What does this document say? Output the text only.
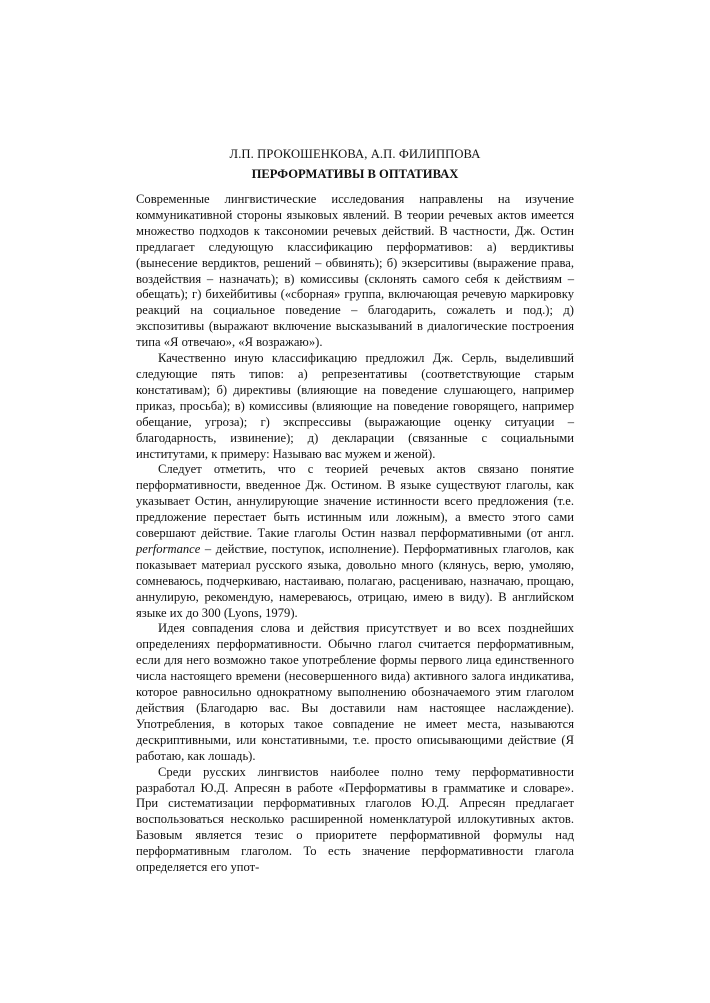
Л.П. ПРОКОШЕНКОВА, А.П. ФИЛИППОВА

ПЕРФОРМАТИВЫ В ОПТАТИВАХ

Современные лингвистические исследования направлены на изучение коммуникативной стороны языковых явлений. В теории речевых актов имеется множество подходов к таксономии речевых действий. В частности, Дж. Остин предлагает следующую классификацию перформативов: а) вердиктивы (вынесение вердиктов, решений – обвинять); б) экзерситивы (выражение права, воздействия – назначать); в) комиссивы (склонять самого себя к действиям – обещать); г) бихейбитивы («сборная» группа, включающая речевую маркировку реакций на социальное поведение – благодарить, сожалеть и под.); д) экспозитивы (выражают включение высказываний в диалогические построения типа «Я отвечаю», «Я возражаю»).

Качественно иную классификацию предложил Дж. Серль, выделивший следующие пять типов: а) репрезентативы (соответствующие старым констативам); б) директивы (влияющие на поведение слушающего, например приказ, просьба); в) комиссивы (влияющие на поведение говорящего, например обещание, угроза); г) экспрессивы (выражающие оценку ситуации – благодарность, извинение); д) декларации (связанные с социальными институтами, к примеру: Называю вас мужем и женой).

Следует отметить, что с теорией речевых актов связано понятие перформативности, введенное Дж. Остином. В языке существуют глаголы, как указывает Остин, аннулирующие значение истинности всего предложения (т.е. предложение перестает быть истинным или ложным), а вместо этого сами совершают действие. Такие глаголы Остин назвал перформативными (от англ. performance – действие, поступок, исполнение). Перформативных глаголов, как показывает материал русского языка, довольно много (клянусь, верю, умоляю, сомневаюсь, подчеркиваю, настаиваю, полагаю, расцениваю, назначаю, прощаю, аннулирую, рекомендую, намереваюсь, отрицаю, имею в виду). В английском языке их до 300 (Lyons, 1979).

Идея совпадения слова и действия присутствует и во всех позднейших определениях перформативности. Обычно глагол считается перформативным, если для него возможно такое употребление формы первого лица единственного числа настоящего времени (несовершенного вида) активного залога индикатива, которое равносильно однократному выполнению обозначаемого этим глаголом действия (Благодарю вас. Вы доставили нам настоящее наслаждение). Употребления, в которых такое совпадение не имеет места, называются дескриптивными, или констативными, т.е. просто описывающими действие (Я работаю, как лошадь).

Среди русских лингвистов наиболее полно тему перформативности разработал Ю.Д. Апресян в работе «Перформативы в грамматике и словаре». При систематизации перформативных глаголов Ю.Д. Апресян предлагает воспользоваться несколько расширенной номенклатурой иллокутивных актов. Базовым является тезис о приоритете перформативной формулы над перформативным глаголом. То есть значение перформативности глагола определяется его упот-
